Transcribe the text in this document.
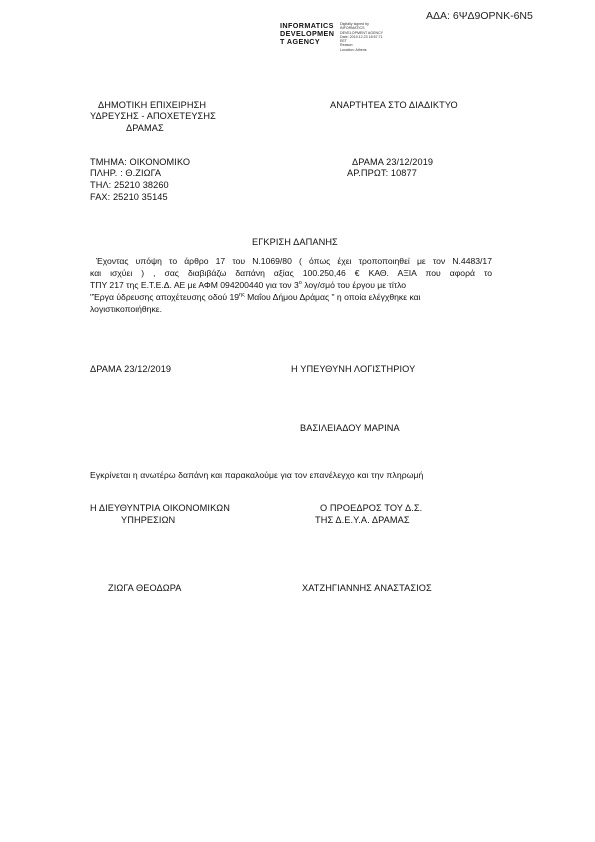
ΑΔΑ: 6ΨΔ9ΟΡΝΚ-6Ν5
INFORMATICS
DEVELOPMEN
T AGENCY
Digitally signed by
INFORMATICS
DEVELOPMENT AGENCY
Date: 2019.12.23 18:57:71
EET
Reason:
Location: Athens
ΔΗΜΟΤΙΚΗ ΕΠΙΧΕΙΡΗΣΗ
ΥΔΡΕΥΣΗΣ - ΑΠΟΧΕΤΕΥΣΗΣ
ΔΡΑΜΑΣ
ΑΝΑΡΤΗΤΕΑ ΣΤΟ ΔΙΑΔΙΚΤΥΟ
ΤΜΗΜΑ: ΟΙΚΟΝΟΜΙΚΟ
ΠΛΗΡ. : Θ.ΖΙΩΓΑ
ΤΗΛ: 25210 38260
FAX: 25210 35145
ΔΡΑΜΑ 23/12/2019
ΑΡ.ΠΡΩΤ: 10877
ΕΓΚΡΙΣΗ ΔΑΠΑΝΗΣ
Έχοντας υπόψη το άρθρο 17 του Ν.1069/80 ( όπως έχει τροποποιηθεί με τον Ν.4483/17
και ισχύει ) , σας διαβιβάζω δαπάνη αξίας 100.250,46 € ΚΑΘ. ΑΞΙΑ που αφορά το
ΤΠΥ 217 της Ε.Τ.Ε.Δ. ΑΕ με ΑΦΜ 094200440 για τον $3^o$ λογ/σμό του έργου με τίτλο
"Έργα ύδρευσης αποχέτευσης οδού $19^{\eta\varsigma}$ Μαΐου Δήμου Δράμας " η οποία ελέγχθηκε και
λογιστικοποιήθηκε.
ΔΡΑΜΑ 23/12/2019	Η ΥΠΕΥΘΥΝΗ ΛΟΓΙΣΤΗΡΙΟΥ
ΒΑΣΙΛΕΙΑΔΟΥ ΜΑΡΙΝΑ
Εγκρίνεται η ανωτέρω δαπάνη και παρακαλούμε για τον επανέλεγχο και την πληρωμή
Η ΔΙΕΥΘΥΝΤΡΙΑ ΟΙΚΟΝΟΜΙΚΩΝ
ΥΠΗΡΕΣΙΩΝ
Ο ΠΡΟΕΔΡΟΣ ΤΟΥ Δ.Σ.
ΤΗΣ Δ.Ε.Υ.Α. ΔΡΑΜΑΣ
ΖΙΩΓΑ ΘΕΟΔΩΡΑ	ΧΑΤΖΗΓΙΑΝΝΗΣ ΑΝΑΣΤΑΣΙΟΣ
